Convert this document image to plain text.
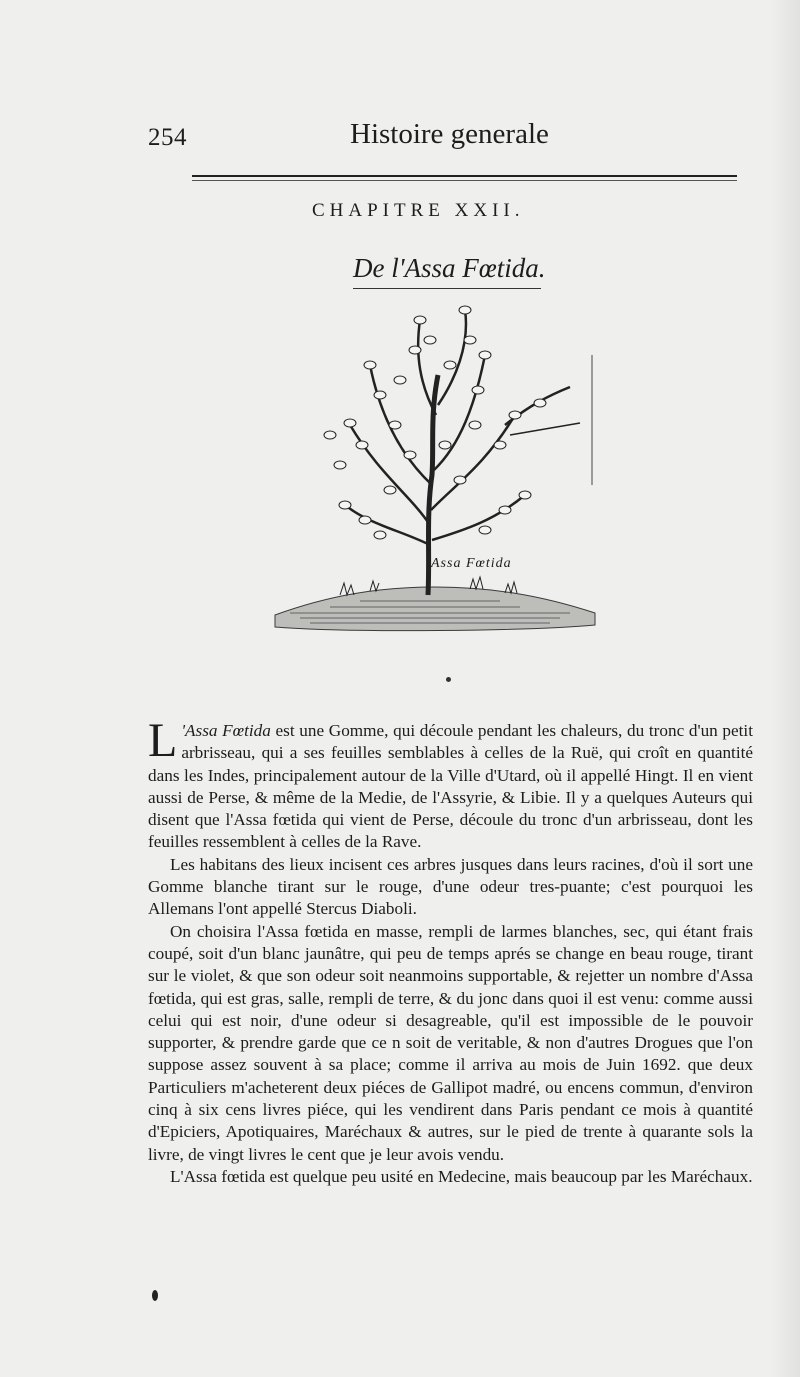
254	Histoire generale
CHAPITRE XXII.
De l'Assa Fœtida.
Assa Fœtida

L 'Assa Fœtida est une Gomme, qui découle pendant les chaleurs, du tronc d'un petit arbrisseau, qui a ses feuilles semblables à celles de la Ruë, qui croît en quantité dans les Indes, principalement autour de la Ville d'Utard, où il appellé Hingt. Il en vient aussi de Perse, & même de la Medie, de l'Assyrie, & Libie. Il y a quelques Auteurs qui disent que l'Assa fœtida qui vient de Perse, découle du tronc d'un arbrisseau, dont les feuilles ressemblent à celles de la Rave.

Les habitans des lieux incisent ces arbres jusques dans leurs racines, d'où il sort une Gomme blanche tirant sur le rouge, d'une odeur tres-puante; c'est pourquoi les Allemans l'ont appellé Stercus Diaboli.

On choisira l'Assa fœtida en masse, rempli de larmes blanches, sec, qui étant frais coupé, soit d'un blanc jaunâtre, qui peu de temps aprés se change en beau rouge, tirant sur le violet, & que son odeur soit neanmoins supportable, & rejetter un nombre d'Assa fœtida, qui est gras, salle, rempli de terre, & du jonc dans quoi il est venu: comme aussi celui qui est noir, d'une odeur si desagreable, qu'il est impossible de le pouvoir supporter, & prendre garde que ce n soit de veritable, & non d'autres Drogues que l'on suppose assez souvent à sa place; comme il arriva au mois de Juin 1692. que deux Particuliers m'acheterent deux piéces de Gallipot madré, ou encens commun, d'environ cinq à six cens livres piéce, qui les vendirent dans Paris pendant ce mois à quantité d'Epiciers, Apotiquaires, Maréchaux & autres, sur le pied de trente à quarante sols la livre, de vingt livres le cent que je leur avois vendu.

L'Assa fœtida est quelque peu usité en Medecine, mais beaucoup par les Maréchaux.
